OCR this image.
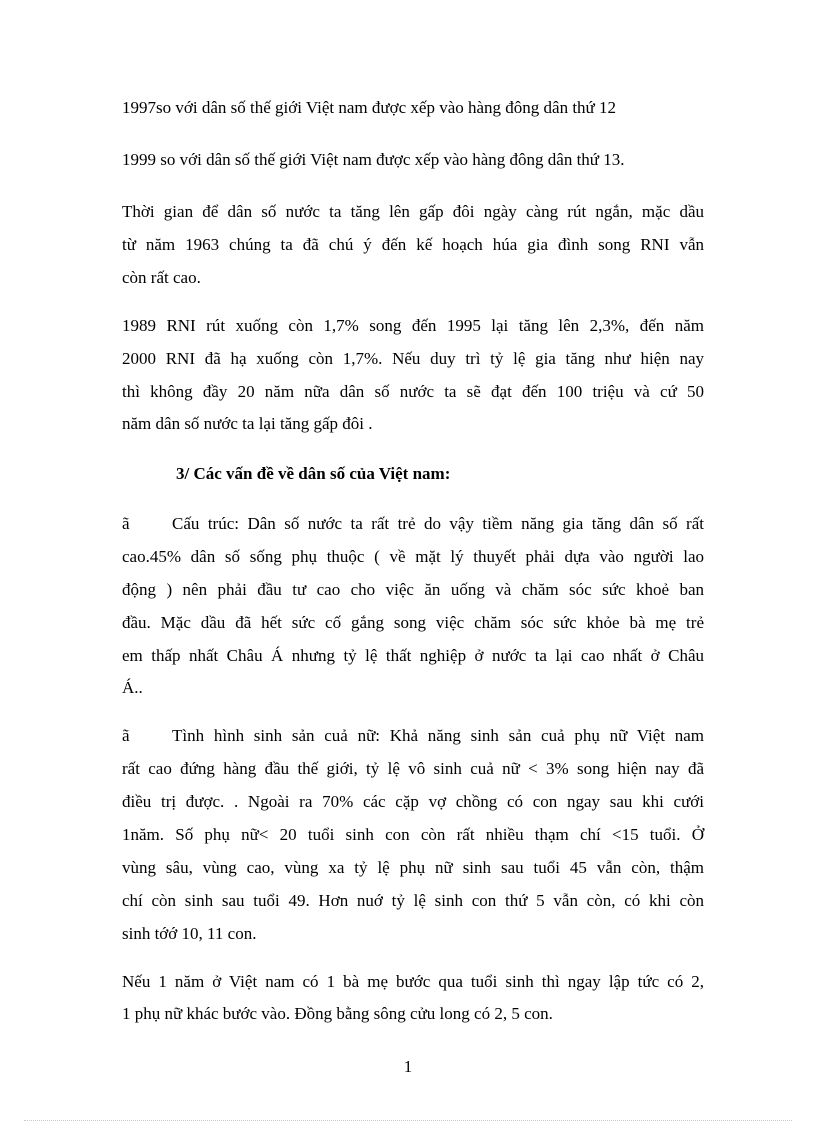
1997so với dân số thế giới Việt nam được xếp vào hàng đông dân thứ 12

1999 so với dân số thế giới Việt nam được xếp vào hàng đông dân thứ 13.

Thời gian để dân số nước ta tăng lên gấp đôi ngày càng rút ngắn, mặc dầu

từ năm 1963 chúng ta đã chú ý đến kế hoạch húa gia đình song RNI vẫn

còn rất cao.

1989 RNI rút xuống còn 1,7% song đến 1995 lại tăng lên 2,3%, đến năm

2000 RNI đã hạ xuống còn 1,7%. Nếu duy trì tỷ lệ gia tăng như hiện nay

thì không đầy 20 năm nữa dân số nước ta sẽ đạt đến 100 triệu và cứ 50

năm dân số nước ta lại tăng gấp đôi .

3/ Các vấn đề về dân số của Việt nam:

ã Cấu trúc: Dân số nước ta rất trẻ do vậy tiềm năng gia tăng dân số rất

cao.45% dân số sống phụ thuộc ( về mặt lý thuyết phải dựa vào người lao

động ) nên phải đầu tư cao cho việc ăn uống và chăm sóc sức khoẻ ban

đầu. Mặc dầu đã hết sức cố gắng song việc chăm sóc sức khỏe bà mẹ trẻ

em thấp nhất Châu Á nhưng tỷ lệ thất nghiệp ở nước ta lại cao nhất ở Châu

Á..

ã Tình hình sinh sản cuả nữ: Khả năng sinh sản cuả phụ nữ Việt nam

rất cao đứng hàng đầu thế giới, tỷ lệ vô sinh cuả nữ < 3% song hiện nay đã

điều trị được. . Ngoài ra 70% các cặp vợ chồng có con ngay sau khi cưới

1năm. Số phụ nữ< 20 tuổi sinh con còn rất nhiều thạm chí <15 tuổi. Ở

vùng sâu, vùng cao, vùng xa tỷ lệ phụ nữ sinh sau tuổi 45 vẫn còn, thậm

chí còn sinh sau tuổi 49. Hơn nuớ tỷ lệ sinh con thứ 5 vẫn còn, có khi còn

sinh tớớ 10, 11 con.

Nếu 1 năm ở Việt nam có 1 bà mẹ bước qua tuổi sinh thì ngay lập tức có 2,

1 phụ nữ khác bước vào. Đồng bằng sông cửu long có 2, 5 con.

1
